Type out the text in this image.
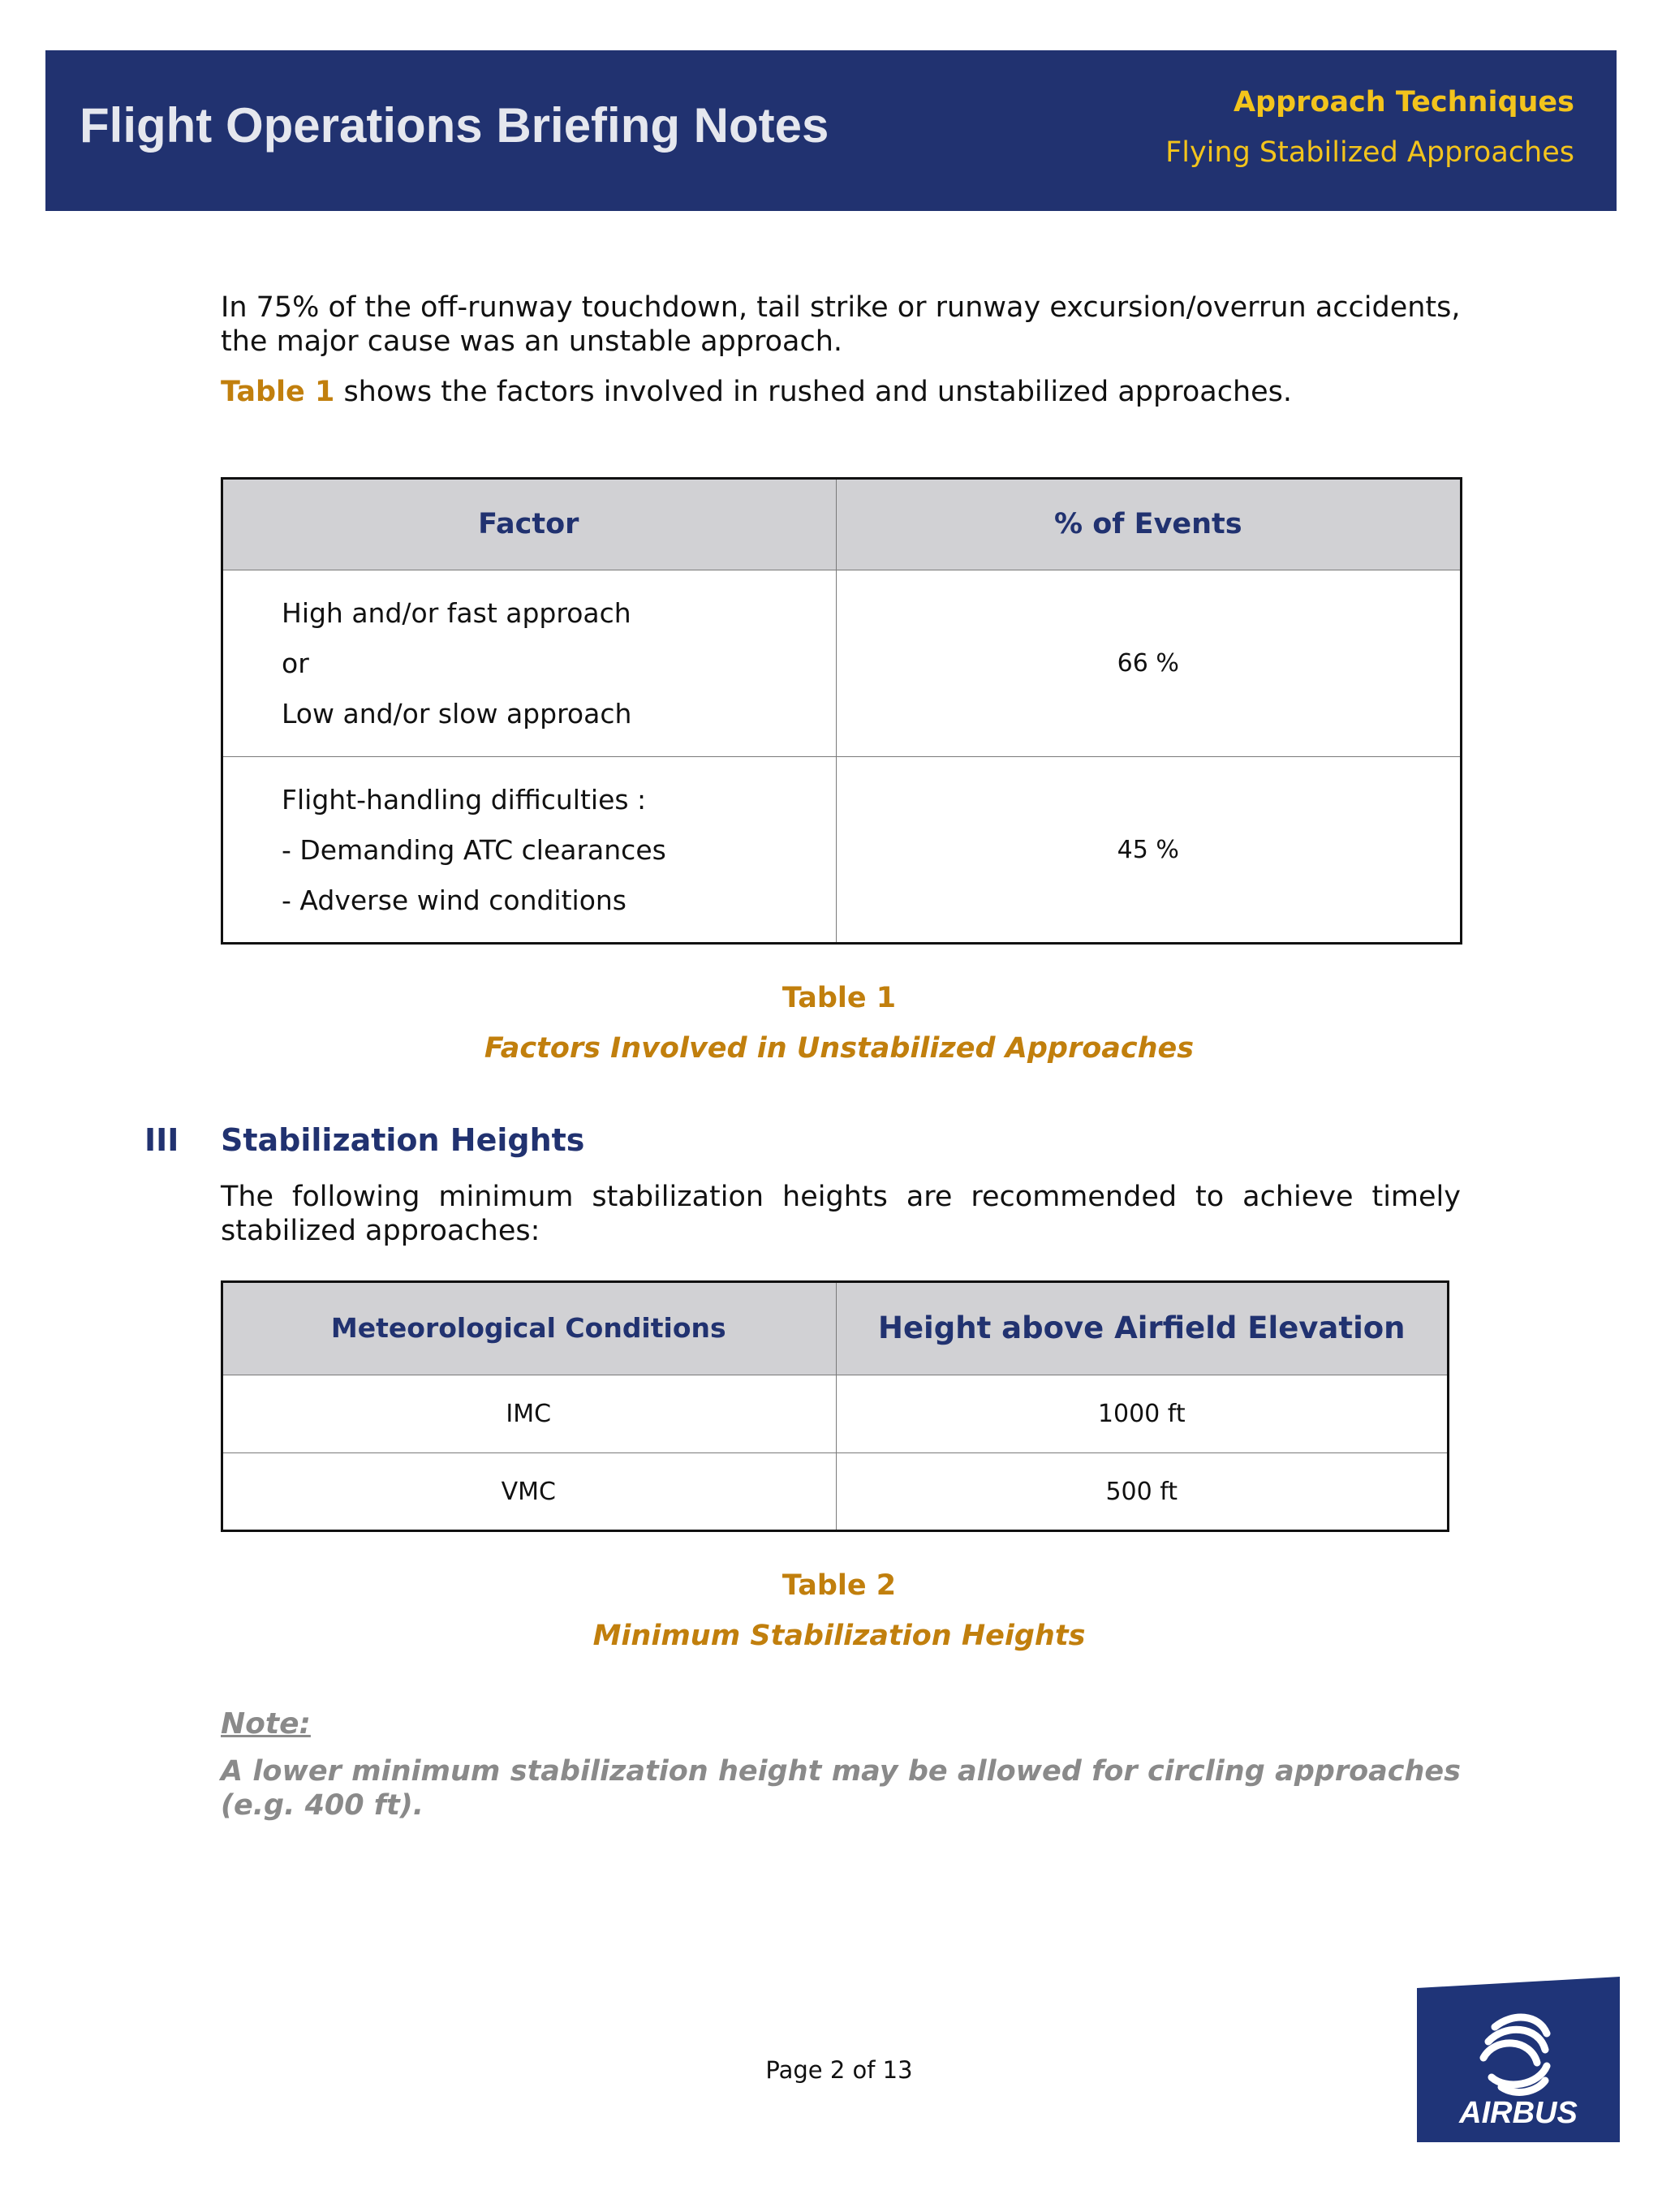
Flight Operations Briefing Notes	Approach Techniques
Flying Stabilized Approaches
In 75% of the off-runway touchdown, tail strike or runway excursion/overrun accidents,
the major cause was an unstable approach.
Table 1 shows the factors involved in rushed and unstabilized approaches.
Factor	% of Events

High and/or fast approach
or
Low and/or slow approach	66 %

Flight-handling difficulties :
- Demanding ATC clearances
- Adverse wind conditions	45 %
Table 1
Factors Involved in Unstabilized Approaches
III Stabilization Heights
The following minimum stabilization heights are recommended to achieve timely stabilized approaches:
Meteorological Conditions	Height above Airfield Elevation
IMC	1000 ft
VMC	500 ft
Table 2
Minimum Stabilization Heights
Note:
A lower minimum stabilization height may be allowed for circling approaches (e.g. 400 ft).
Page 2 of 13
AIRBUS
